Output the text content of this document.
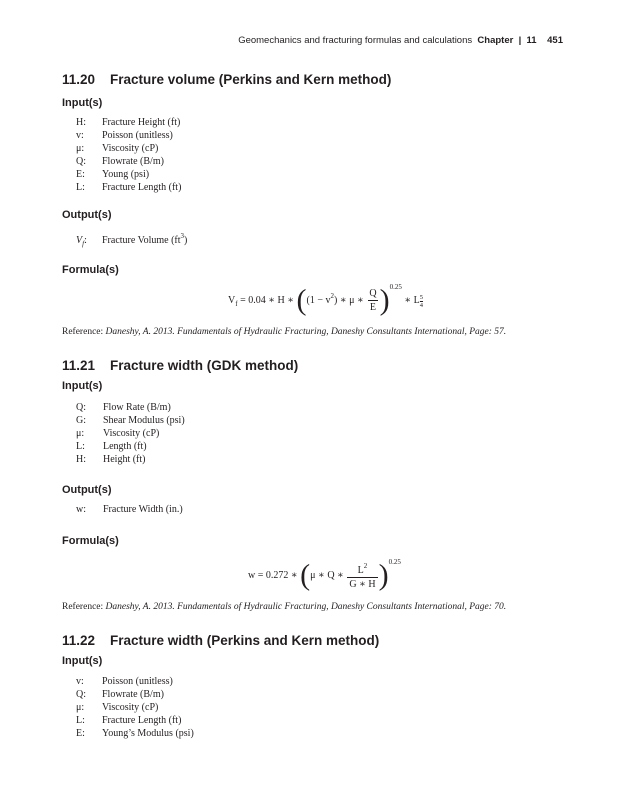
Geomechanics and fracturing formulas and calculations Chapter  |  11 451
11.20 Fracture volume (Perkins and Kern method)
Input(s)
H: Fracture Height (ft)
v: Poisson (unitless)
μ: Viscosity (cP)
Q: Flowrate (B/m)
E: Young (psi)
L: Fracture Length (ft)
Output(s)
$V_f$: Fracture Volume $(ft^3)$
Formula(s)
$V_f = 0.04$ ∗ H ∗ ($(1 - v^2)$ ∗ μ ∗ $\frac{Q}{E} )^{0.25}$ ∗ L $\frac{5}{4}$
Reference: Daneshy, A. 2013. Fundamentals of Hydraulic Fracturing, Daneshy Consultants International, Page: 57.
11.21 Fracture width (GDK method)
Input(s)
Q: Flow Rate (B/m)
G: Shear Modulus (psi)
μ: Viscosity (cP)
L: Length (ft)
H: Height (ft)
Output(s)
w: Fracture Width (in.)
Formula(s)
w = 0.272 ∗ (μ ∗ Q ∗ $\frac{L^2}{G ∗ H} )^{0.25}$
Reference: Daneshy, A. 2013. Fundamentals of Hydraulic Fracturing, Daneshy Consultants International, Page: 70.
11.22 Fracture width (Perkins and Kern method)
Input(s)
v: Poisson (unitless)
Q: Flowrate (B/m)
μ: Viscosity (cP)
L: Fracture Length (ft)
E: Young’s Modulus (psi)
